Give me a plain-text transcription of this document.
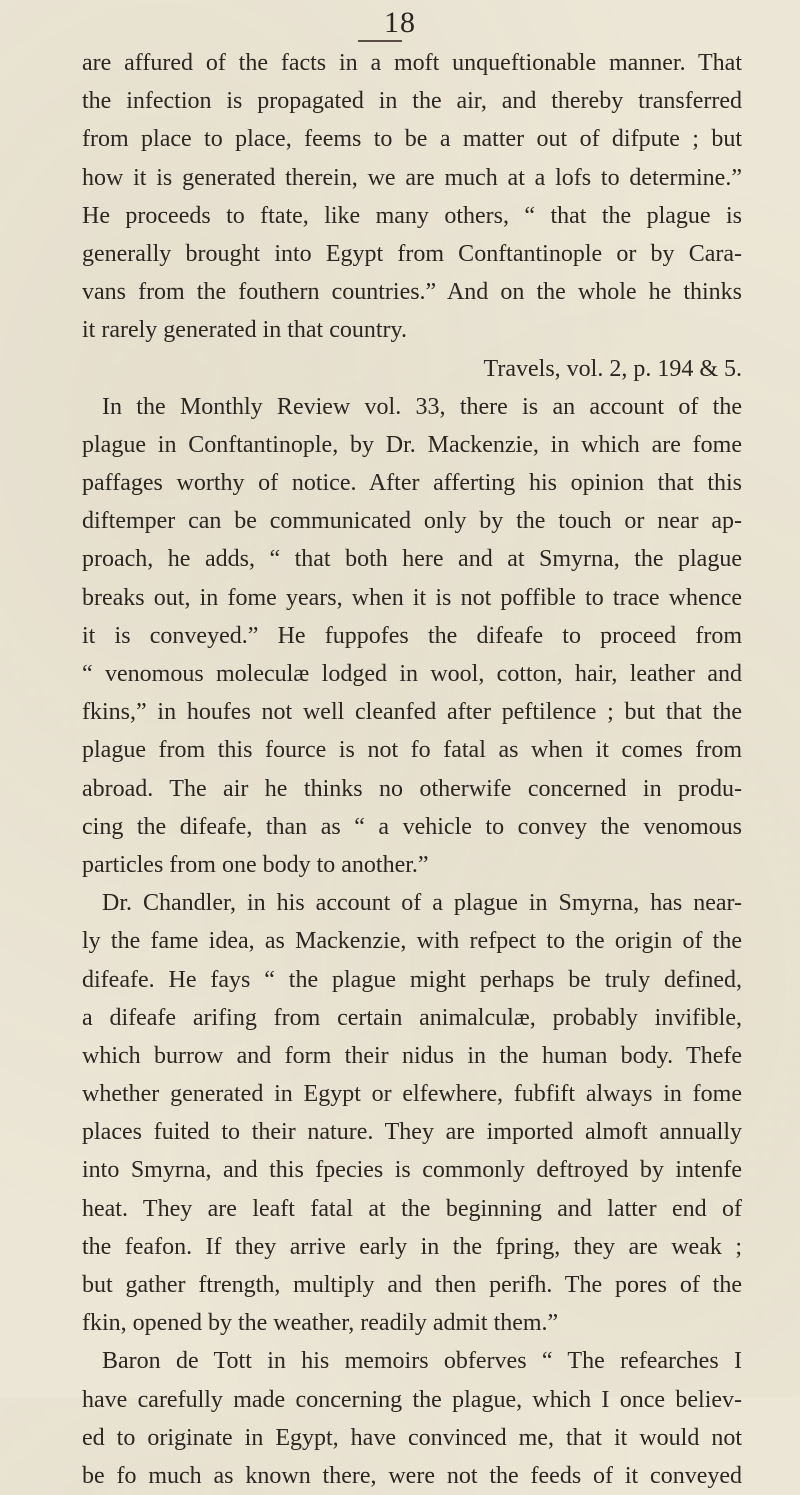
18
are affured of the facts in a moft unqueftionable manner. That
the infection is propagated in the air, and thereby transferred
from place to place, feems to be a matter out of difpute ; but
how it is generated therein, we are much at a lofs to determine.”
He proceeds to ftate, like many others, “ that the plague is
generally brought into Egypt from Conftantinople or by Cara-
vans from the fouthern countries.” And on the whole he thinks
it rarely generated in that country.
Travels, vol. 2, p. 194 & 5.
In the Monthly Review vol. 33, there is an account of the
plague in Conftantinople, by Dr. Mackenzie, in which are fome
paffages worthy of notice. After afferting his opinion that this
diftemper can be communicated only by the touch or near ap-
proach, he adds, “ that both here and at Smyrna, the plague
breaks out, in fome years, when it is not poffible to trace whence
it is conveyed.” He fuppofes the difeafe to proceed from
“ venomous moleculæ lodged in wool, cotton, hair, leather and
fkins,” in houfes not well cleanfed after peftilence ; but that the
plague from this fource is not fo fatal as when it comes from
abroad. The air he thinks no otherwife concerned in produ-
cing the difeafe, than as “ a vehicle to convey the venomous
particles from one body to another.”
Dr. Chandler, in his account of a plague in Smyrna, has near-
ly the fame idea, as Mackenzie, with refpect to the origin of the
difeafe. He fays “ the plague might perhaps be truly defined,
a difeafe arifing from certain animalculæ, probably invifible,
which burrow and form their nidus in the human body. Thefe
whether generated in Egypt or elfewhere, fubfift always in fome
places fuited to their nature. They are imported almoft annually
into Smyrna, and this fpecies is commonly deftroyed by intenfe
heat. They are leaft fatal at the beginning and latter end of
the feafon. If they arrive early in the fpring, they are weak ;
but gather ftrength, multiply and then perifh. The pores of the
fkin, opened by the weather, readily admit them.”
Baron de Tott in his memoirs obferves “ The refearches I
have carefully made concerning the plague, which I once believ-
ed to originate in Egypt, have convinced me, that it would not
be fo much as known there, were not the feeds of it conveyed
